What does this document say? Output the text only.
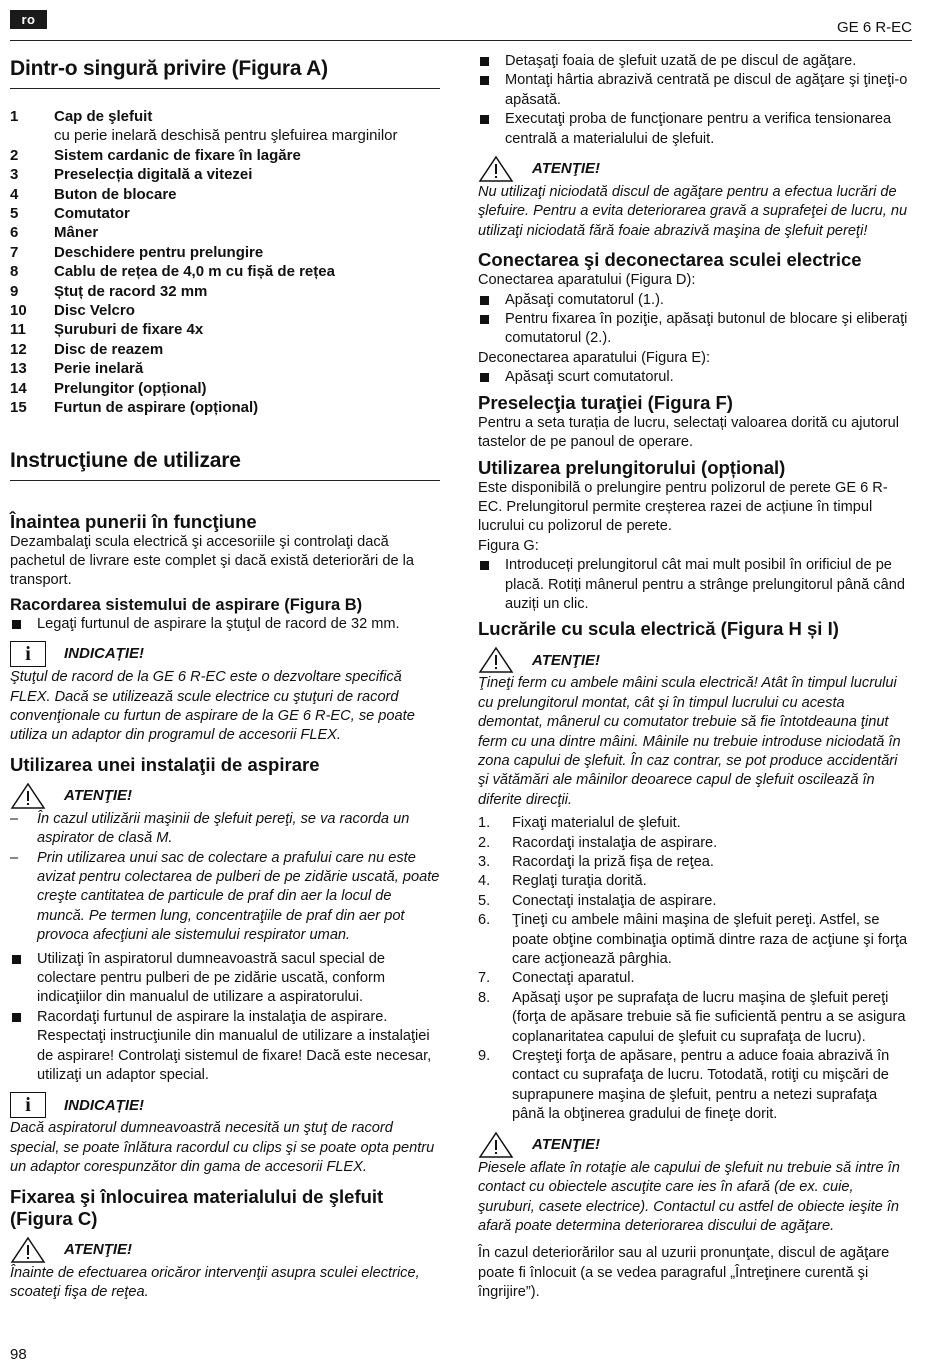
ro	GE 6 R-EC
Dintr-o singură privire (Figura A)
1	Cap de şlefuit
cu perie inelară deschisă pentru şlefuirea marginilor
2	Sistem cardanic de fixare în lagăre
3	Preselecția digitală a vitezei
4	Buton de blocare
5	Comutator
6	Mâner
7	Deschidere pentru prelungire
8	Cablu de rețea de 4,0 m cu fișă de rețea
9	Ștuț de racord 32 mm
10	Disc Velcro
11	Șuruburi de fixare 4x
12	Disc de reazem
13	Perie inelară
14	Prelungitor (opțional)
15	Furtun de aspirare (opțional)
Instrucţiune de utilizare
Înaintea punerii în funcţiune

Dezambalaţi scula electrică şi accesoriile şi controlaţi dacă pachetul de livrare este complet şi dacă există deteriorări de la transport.

Racordarea sistemului de aspirare (Figura B)
Legaţi furtunul de aspirare la ştuţul de racord de 32 mm.
i	INDICAȚIE!

Ştuţul de racord de la GE 6 R-EC este o dezvoltare specifică FLEX. Dacă se utilizează scule electrice cu ştuţuri de racord convenţionale cu furtun de aspirare de la GE 6 R-EC, se poate utiliza un adaptor din programul de accesorii FLEX.

Utilizarea unei instalaţii de aspirare
ATENŢIE!
– În cazul utilizării maşinii de şlefuit pereţi, se va racorda un aspirator de clasă M.
– Prin utilizarea unui sac de colectare a prafului care nu este avizat pentru colectarea de pulberi de pe zidărie uscată, poate creşte cantitatea de particule de praf din aer la locul de muncă. Pe termen lung, concentraţiile de praf din aer pot provoca afecţiuni ale sistemului respirator uman.
Utilizaţi în aspiratorul dumneavoastră sacul special de colectare pentru pulberi de pe zidărie uscată, conform indicaţiilor din manualul de utilizare a aspiratorului.
Racordaţi furtunul de aspirare la instalaţia de aspirare. Respectaţi instrucţiunile din manualul de utilizare a instalaţiei de aspirare! Controlaţi sistemul de fixare! Dacă este necesar, utilizaţi un adaptor special.
i	INDICAȚIE!

Dacă aspiratorul dumneavoastră necesită un ştuţ de racord special, se poate înlătura racordul cu clips şi se poate opta pentru un adaptor corespunzător din gama de accesorii FLEX.

Fixarea şi înlocuirea materialului de şlefuit (Figura C)
ATENŢIE!

Înainte de efectuarea oricăror intervenţii asupra sculei electrice, scoateţi fişa de reţea.

Detaşaţi foaia de şlefuit uzată de pe discul de agăţare.
Montaţi hârtia abrazivă centrată pe discul de agăţare şi ţineţi-o apăsată.
Executaţi proba de funcţionare pentru a verifica tensionarea centrală a materialului de şlefuit.
ATENŢIE!

Nu utilizaţi niciodată discul de agăţare pentru a efectua lucrări de şlefuire. Pentru a evita deteriorarea gravă a suprafeţei de lucru, nu utilizaţi niciodată fără foaie abrazivă maşina de şlefuit pereţi!

Conectarea şi deconectarea sculei electrice

Conectarea aparatului (Figura D):

Apăsaţi comutatorul (1.).
Pentru fixarea în poziţie, apăsaţi butonul de blocare şi eliberaţi comutatorul (2.).

Deconectarea aparatului (Figura E):

Apăsaţi scurt comutatorul.
Preselecţia turaţiei (Figura F)

Pentru a seta turația de lucru, selectați valoarea dorită cu ajutorul tastelor de pe panoul de operare.

Utilizarea prelungitorului (opțional)

Este disponibilă o prelungire pentru polizorul de perete GE 6 R-EC. Prelungitorul permite creșterea razei de acțiune în timpul lucrului cu polizorul de perete.

Figura G:

Introduceți prelungitorul cât mai mult posibil în orificiul de pe placă. Rotiți mânerul pentru a strânge prelungitorul până când auziți un clic.
Lucrările cu scula electrică (Figura H și I)
ATENŢIE!

Ţineţi ferm cu ambele mâini scula electrică! Atât în timpul lucrului cu prelungitorul montat, cât şi în timpul lucrului cu acesta demontat, mânerul cu comutator trebuie să fie întotdeauna ţinut ferm cu una dintre mâini. Mâinile nu trebuie introduse niciodată în zona capului de şlefuit. În caz contrar, se pot produce accidentări şi vătămări ale mâinilor deoarece capul de şlefuit oscilează în diferite direcţii.

1.	Fixaţi materialul de şlefuit.
2.	Racordaţi instalaţia de aspirare.
3.	Racordaţi la priză fişa de reţea.
4.	Reglaţi turaţia dorită.
5.	Conectaţi instalaţia de aspirare.
6.	Ţineţi cu ambele mâini maşina de şlefuit pereţi. Astfel, se poate obţine combinaţia optimă dintre raza de acţiune şi forţa care acţionează pârghia.
7.	Conectaţi aparatul.
8.	Apăsaţi uşor pe suprafaţa de lucru maşina de şlefuit pereţi (forţa de apăsare trebuie să fie suficientă pentru a se asigura coplanaritatea capului de şlefuit cu suprafaţa de lucru).
9.	Creşteţi forţa de apăsare, pentru a aduce foaia abrazivă în contact cu suprafaţa de lucru. Totodată, rotiţi cu mişcări de suprapunere maşina de şlefuit, pentru a netezi suprafaţa până la obţinerea gradului de fineţe dorit.
ATENŢIE!

Piesele aflate în rotaţie ale capului de şlefuit nu trebuie să intre în contact cu obiectele ascuţite care ies în afară (de ex. cuie, şuruburi, casete electrice). Contactul cu astfel de obiecte ieşite în afară poate determina deteriorarea discului de agăţare.

În cazul deteriorărilor sau al uzurii pronunţate, discul de agăţare poate fi înlocuit (a se vedea paragraful „Întreţinere curentă şi îngrijire”).

98
